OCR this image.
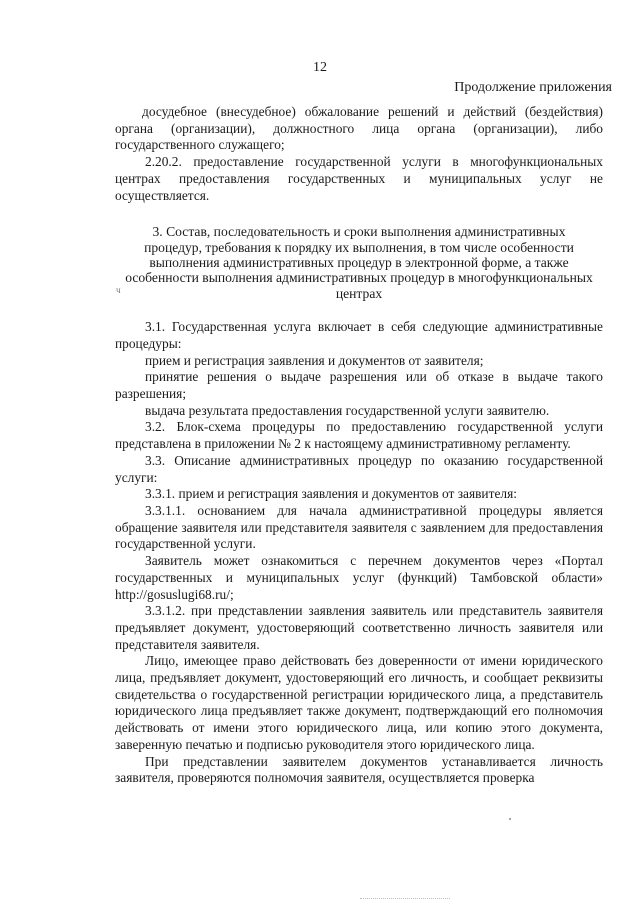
12
Продолжение приложения

досудебное (внесудебное) обжалование решений и действий (бездействия) органа (организации), должностного лица органа (организации), либо государственного служащего;

2.20.2. предоставление государственной услуги в многофункциональных центрах предоставления государственных и муниципальных услуг не осуществляется.

3. Состав, последовательность и сроки выполнения административных
процедур, требования к порядку их выполнения, в том числе особенности
выполнения административных процедур в электронной форме, а также
особенности выполнения административных процедур в многофункциональных
центрах

3.1. Государственная услуга включает в себя следующие административные процедуры:

прием и регистрация заявления и документов от заявителя;

принятие решения о выдаче разрешения или об отказе в выдаче такого разрешения;

выдача результата предоставления государственной услуги заявителю.

3.2. Блок-схема процедуры по предоставлению государственной услуги представлена в приложении № 2 к настоящему административному регламенту.

3.3. Описание административных процедур по оказанию государственной услуги:

3.3.1. прием и регистрация заявления и документов от заявителя:

3.3.1.1. основанием для начала административной процедуры является обращение заявителя или представителя заявителя с заявлением для предоставления государственной услуги.

Заявитель может ознакомиться с перечнем документов через «Портал государственных и муниципальных услуг (функций) Тамбовской области» http://gosuslugi68.ru/;

3.3.1.2. при представлении заявления заявитель или представитель заявителя предъявляет документ, удостоверяющий соответственно личность заявителя или представителя заявителя.

Лицо, имеющее право действовать без доверенности от имени юридического лица, предъявляет документ, удостоверяющий его личность, и сообщает реквизиты свидетельства о государственной регистрации юридического лица, а представитель юридического лица предъявляет также документ, подтверждающий его полномочия действовать от имени этого юридического лица, или копию этого документа, заверенную печатью и подписью руководителя этого юридического лица.

При представлении заявителем документов устанавливается личность заявителя, проверяются полномочия заявителя, осуществляется проверка

ч
